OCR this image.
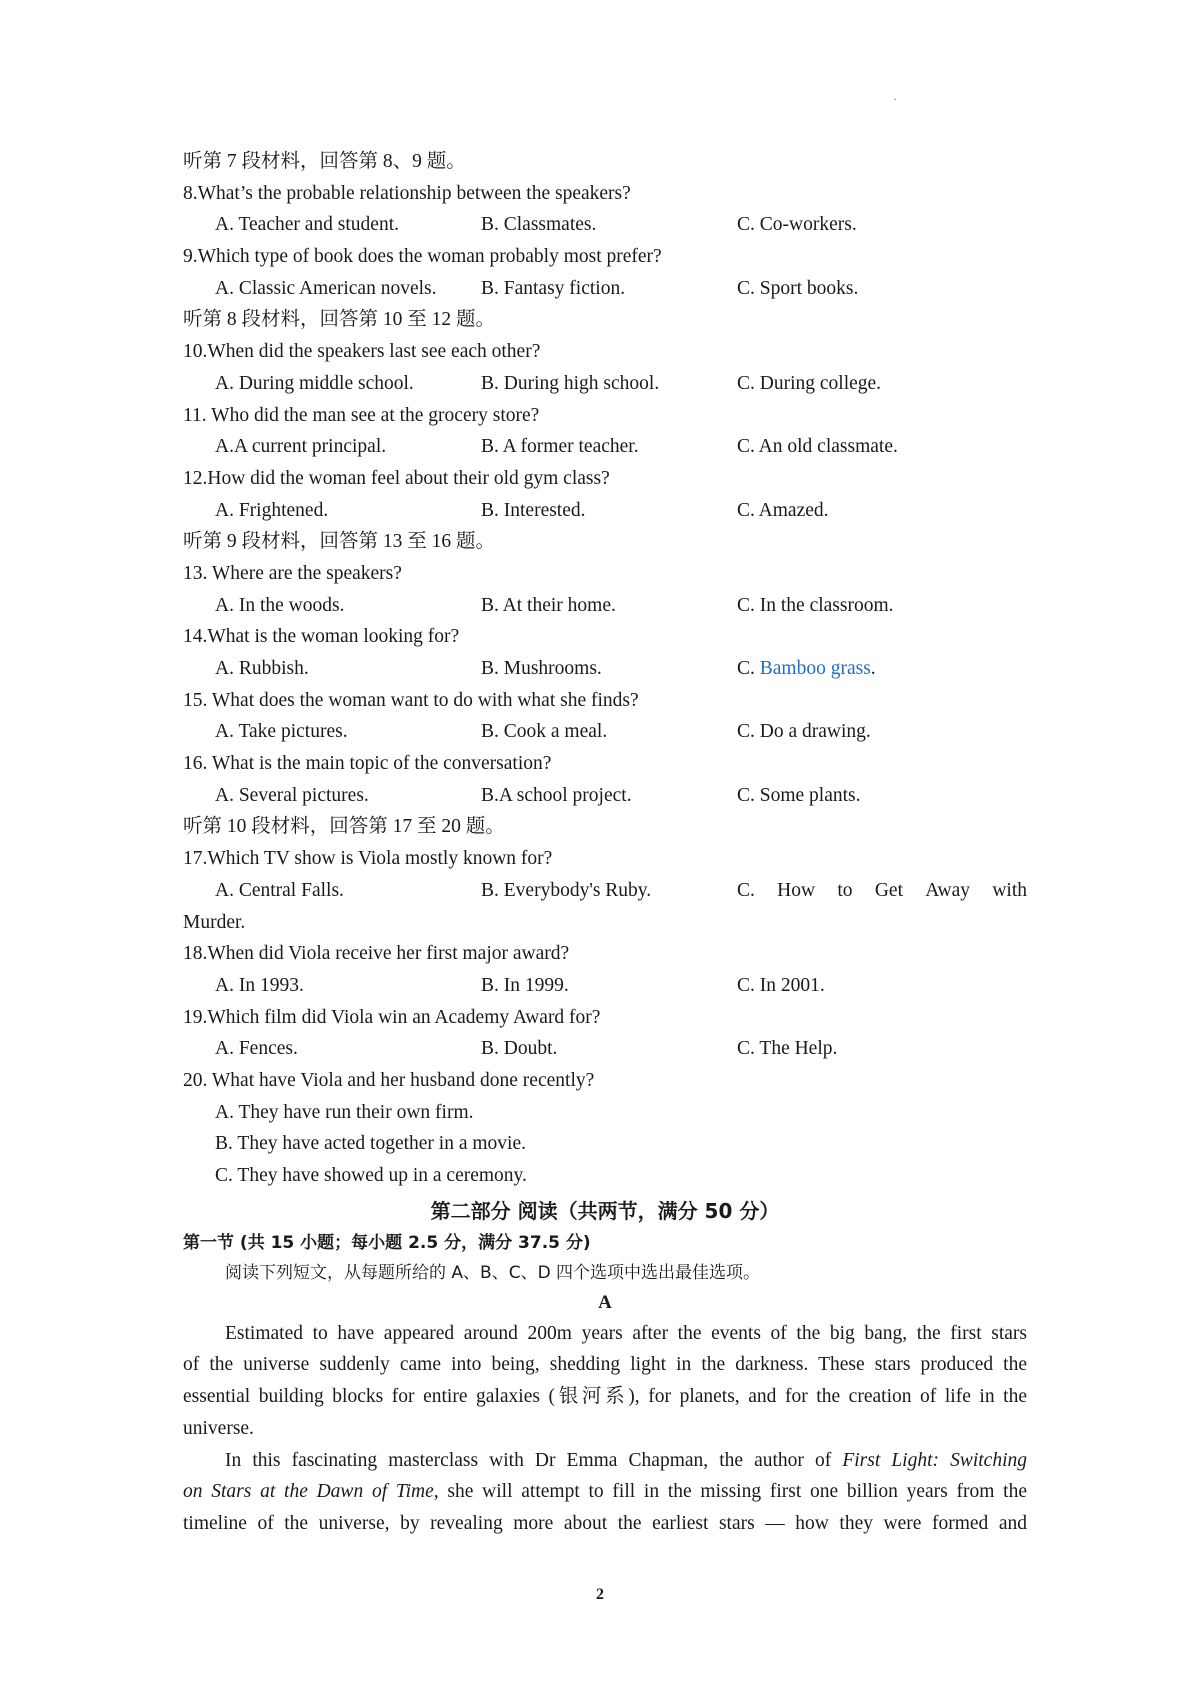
.
听第 7 段材料，回答第 8、9 题。
8.What’s the probable relationship between the speakers?
A. Teacher and student.	B. Classmates.	C. Co-workers.
9.Which type of book does the woman probably most prefer?
A. Classic American novels. B. Fantasy fiction.	C. Sport books.
听第 8 段材料，回答第 10 至 12 题。
10.When did the speakers last see each other?
A. During middle school.	B. During high school.	C. During college.
11. Who did the man see at the grocery store?
A.A current principal.	B. A former teacher.	C. An old classmate.
12.How did the woman feel about their old gym class?
A. Frightened.	B. Interested.	C. Amazed.
听第 9 段材料，回答第 13 至 16 题。
13. Where are the speakers?
A. In the woods.	B. At their home.	C. In the classroom.
14.What is the woman looking for?
A. Rubbish.	B. Mushrooms.	C. Bamboo grass.
15. What does the woman want to do with what she finds?
A. Take pictures.	B. Cook a meal.	C. Do a drawing.
16. What is the main topic of the conversation?
A. Several pictures.	B.A school project.	C. Some plants.
听第 10 段材料，回答第 17 至 20 题。
17.Which TV show is Viola mostly known for?
A. Central Falls.	B. Everybody's Ruby.	C. How to Get Away with
Murder.
18.When did Viola receive her first major award?
A. In 1993.	B. In 1999.	C. In 2001.
19.Which film did Viola win an Academy Award for?
A. Fences.	B. Doubt.	C. The Help.
20. What have Viola and her husband done recently?
A. They have run their own firm.
B. They have acted together in a movie.
C. They have showed up in a ceremony.
第二部分 阅读（共两节，满分 50 分）
第一节 (共 15 小题；每小题 2.5 分，满分 37.5 分)
阅读下列短文，从每题所给的 A、B、C、D 四个选项中选出最佳选项。
A
Estimated to have appeared around 200m years after the events of the big bang, the first stars
of the universe suddenly came into being, shedding light in the darkness. These stars produced the
essential building blocks for entire galaxies (银河系), for planets, and for the creation of life in the
universe.
In this fascinating masterclass with Dr Emma Chapman, the author of First Light: Switching
on Stars at the Dawn of Time, she will attempt to fill in the missing first one billion years from the
timeline of the universe, by revealing more about the earliest stars — how they were formed and
2
